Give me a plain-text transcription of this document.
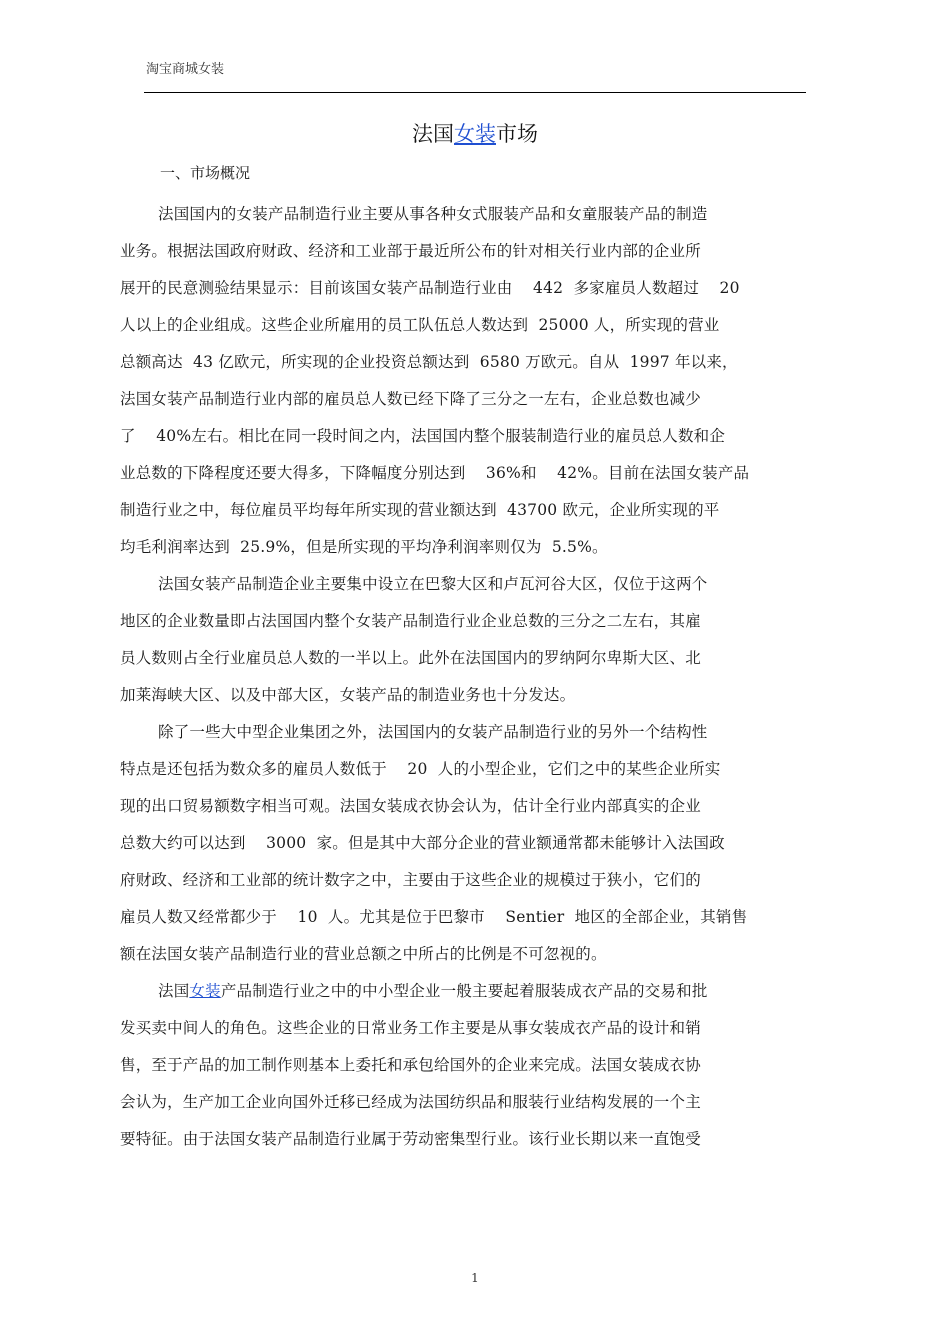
淘宝商城女装
法国女装市场
一、市场概况
法国国内的女装产品制造行业主要从事各种女式服装产品和女童服装产品的制造
业务。根据法国政府财政、经济和工业部于最近所公布的针对相关行业内部的企业所
展开的民意测验结果显示：目前该国女装产品制造行业由    442  多家雇员人数超过    20
人以上的企业组成。这些企业所雇用的员工队伍总人数达到  25000 人，所实现的营业
总额高达  43 亿欧元，所实现的企业投资总额达到  6580 万欧元。自从  1997 年以来，
法国女装产品制造行业内部的雇员总人数已经下降了三分之一左右，企业总数也减少
了    40%左右。相比在同一段时间之内，法国国内整个服装制造行业的雇员总人数和企
业总数的下降程度还要大得多，下降幅度分别达到    36%和    42%。目前在法国女装产品
制造行业之中，每位雇员平均每年所实现的营业额达到  43700 欧元，企业所实现的平
均毛利润率达到  25.9%，但是所实现的平均净利润率则仅为  5.5%。
法国女装产品制造企业主要集中设立在巴黎大区和卢瓦河谷大区，仅位于这两个
地区的企业数量即占法国国内整个女装产品制造行业企业总数的三分之二左右，其雇
员人数则占全行业雇员总人数的一半以上。此外在法国国内的罗纳阿尔卑斯大区、北
加莱海峡大区、以及中部大区，女装产品的制造业务也十分发达。
除了一些大中型企业集团之外，法国国内的女装产品制造行业的另外一个结构性
特点是还包括为数众多的雇员人数低于    20  人的小型企业，它们之中的某些企业所实
现的出口贸易额数字相当可观。法国女装成衣协会认为，估计全行业内部真实的企业
总数大约可以达到    3000  家。但是其中大部分企业的营业额通常都未能够计入法国政
府财政、经济和工业部的统计数字之中，主要由于这些企业的规模过于狭小，它们的
雇员人数又经常都少于    10  人。尤其是位于巴黎市    Sentier  地区的全部企业，其销售
额在法国女装产品制造行业的营业总额之中所占的比例是不可忽视的。
法国女装产品制造行业之中的中小型企业一般主要起着服装成衣产品的交易和批
发买卖中间人的角色。这些企业的日常业务工作主要是从事女装成衣产品的设计和销
售，至于产品的加工制作则基本上委托和承包给国外的企业来完成。法国女装成衣协
会认为，生产加工企业向国外迁移已经成为法国纺织品和服装行业结构发展的一个主
要特征。由于法国女装产品制造行业属于劳动密集型行业。该行业长期以来一直饱受
1
